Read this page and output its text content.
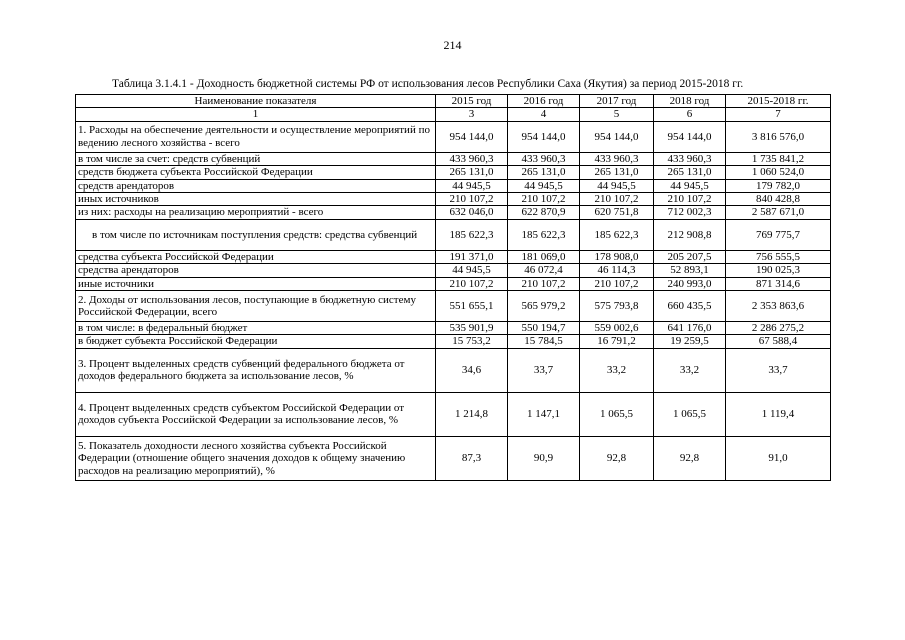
214
Таблица 3.1.4.1 - Доходность бюджетной системы РФ от использования лесов Республики Саха (Якутия) за период 2015-2018 гг.
Наименование показателя	2015 год	2016 год	2017 год	2018 год	2015-2018 гг.
1	3	4	5	6	7
1. Расходы на обеспечение деятельности и осуществление мероприятий по ведению лесного хозяйства - всего	954 144,0	954 144,0	954 144,0	954 144,0	3 816 576,0
в том числе за счет: средств субвенций	433 960,3	433 960,3	433 960,3	433 960,3	1 735 841,2
средств бюджета субъекта Российской Федерации	265 131,0	265 131,0	265 131,0	265 131,0	1 060 524,0
средств арендаторов	44 945,5	44 945,5	44 945,5	44 945,5	179 782,0
иных источников	210 107,2	210 107,2	210 107,2	210 107,2	840 428,8
из них: расходы на реализацию мероприятий - всего	632 046,0	622 870,9	620 751,8	712 002,3	2 587 671,0
в том числе по источникам поступления средств: средства субвенций	185 622,3	185 622,3	185 622,3	212 908,8	769 775,7
средства субъекта Российской Федерации	191 371,0	181 069,0	178 908,0	205 207,5	756 555,5
средства арендаторов	44 945,5	46 072,4	46 114,3	52 893,1	190 025,3
иные источники	210 107,2	210 107,2	210 107,2	240 993,0	871 314,6
2. Доходы от использования лесов, поступающие в бюджетную систему Российской Федерации, всего	551 655,1	565 979,2	575 793,8	660 435,5	2 353 863,6
в том числе: в федеральный бюджет	535 901,9	550 194,7	559 002,6	641 176,0	2 286 275,2
в бюджет субъекта Российской Федерации	15 753,2	15 784,5	16 791,2	19 259,5	67 588,4
3. Процент выделенных средств субвенций федерального бюджета от доходов федерального бюджета за использование лесов, %	34,6	33,7	33,2	33,2	33,7
4. Процент выделенных средств субъектом Российской Федерации от доходов субъекта Российской Федерации за использование лесов, %	1 214,8	1 147,1	1 065,5	1 065,5	1 119,4
5. Показатель доходности лесного хозяйства субъекта Российской Федерации (отношение общего значения доходов к общему значению расходов на реализацию мероприятий), %	87,3	90,9	92,8	92,8	91,0
